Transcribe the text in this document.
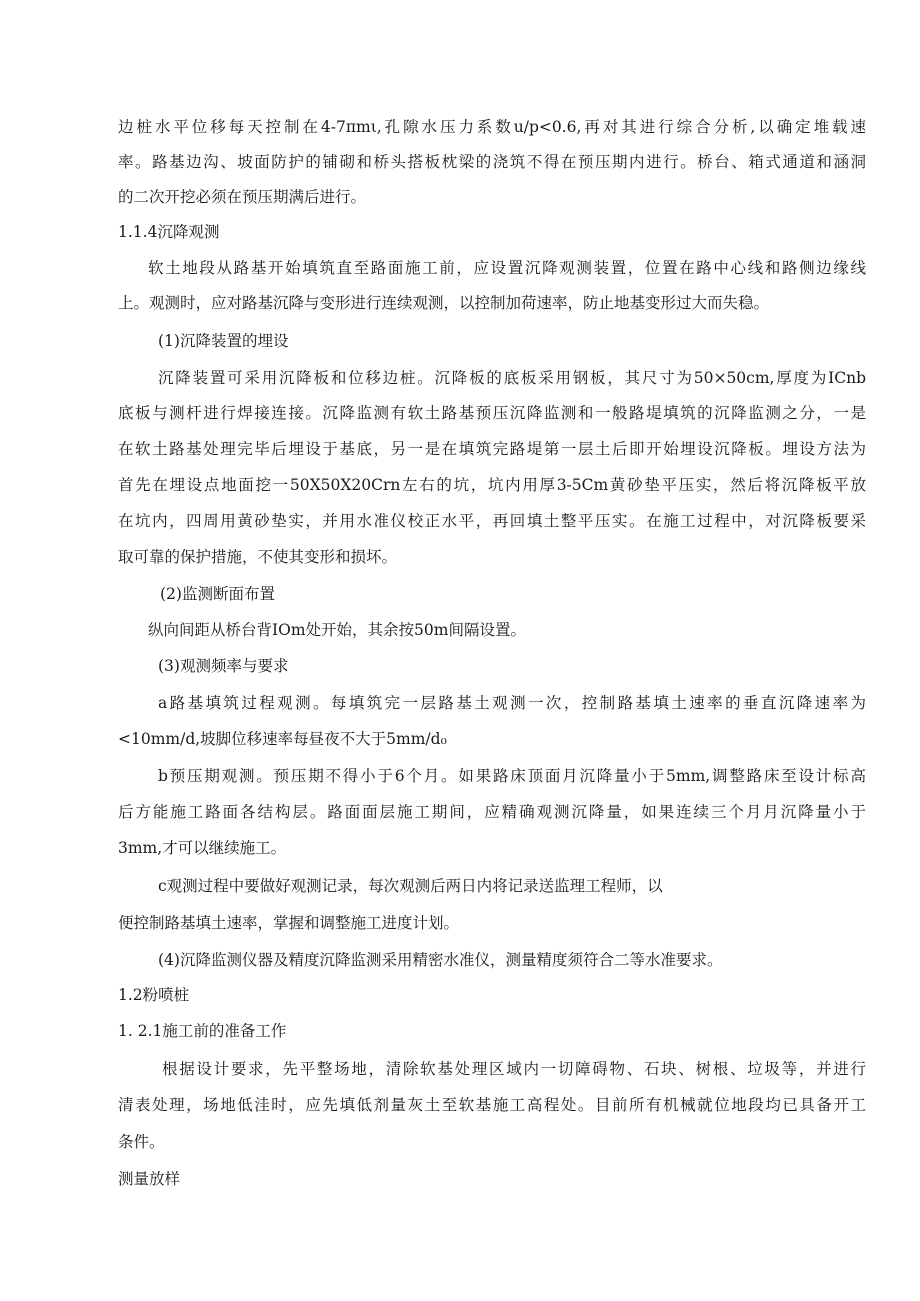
边桩水平位移每天控制在4-7πmι,孔隙水压力系数u/p<0.6,再对其进行综合分析,以确定堆载速
率。路基边沟、坡面防护的铺砌和桥头搭板枕梁的浇筑不得在预压期内进行。桥台、箱式通道和涵洞
的二次开挖必须在预压期满后进行。
1.1.4沉降观测
软土地段从路基开始填筑直至路面施工前，应设置沉降观测装置，位置在路中心线和路侧边缘线
上。观测时，应对路基沉降与变形进行连续观测，以控制加荷速率，防止地基变形过大而失稳。
(1)沉降装置的埋设
沉降装置可采用沉降板和位移边桩。沉降板的底板采用钢板，其尺寸为50×50cm,厚度为ICnb
底板与测杆进行焊接连接。沉降监测有软土路基预压沉降监测和一般路堤填筑的沉降监测之分，一是
在软土路基处理完毕后埋设于基底，另一是在填筑完路堤第一层土后即开始埋设沉降板。埋设方法为
首先在埋设点地面挖一50X50X20Crn左右的坑，坑内用厚3-5Cm黄砂垫平压实，然后将沉降板平放
在坑内，四周用黄砂垫实，并用水准仪校正水平，再回填土整平压实。在施工过程中，对沉降板要采
取可靠的保护措施，不使其变形和损坏。
(2)监测断面布置
纵向间距从桥台背IOm处开始，其余按50m间隔设置。
(3)观测频率与要求
a路基填筑过程观测。每填筑完一层路基土观测一次，控制路基填土速率的垂直沉降速率为
<10mm/d,坡脚位移速率每昼夜不大于5mm/d₀
b预压期观测。预压期不得小于6个月。如果路床顶面月沉降量小于5mm,调整路床至设计标高
后方能施工路面各结构层。路面面层施工期间，应精确观测沉降量，如果连续三个月月沉降量小于
3mm,才可以继续施工。
c观测过程中要做好观测记录，每次观测后两日内将记录送监理工程师，以
便控制路基填土速率，掌握和调整施工进度计划。
(4)沉降监测仪器及精度沉降监测采用精密水准仪，测量精度须符合二等水准要求。
1.2粉喷桩
1. 2.1施工前的准备工作
根据设计要求，先平整场地，清除软基处理区域内一切障碍物、石块、树根、垃圾等，并进行
清表处理，场地低洼时，应先填低剂量灰土至软基施工高程处。目前所有机械就位地段均已具备开工
条件。
测量放样
